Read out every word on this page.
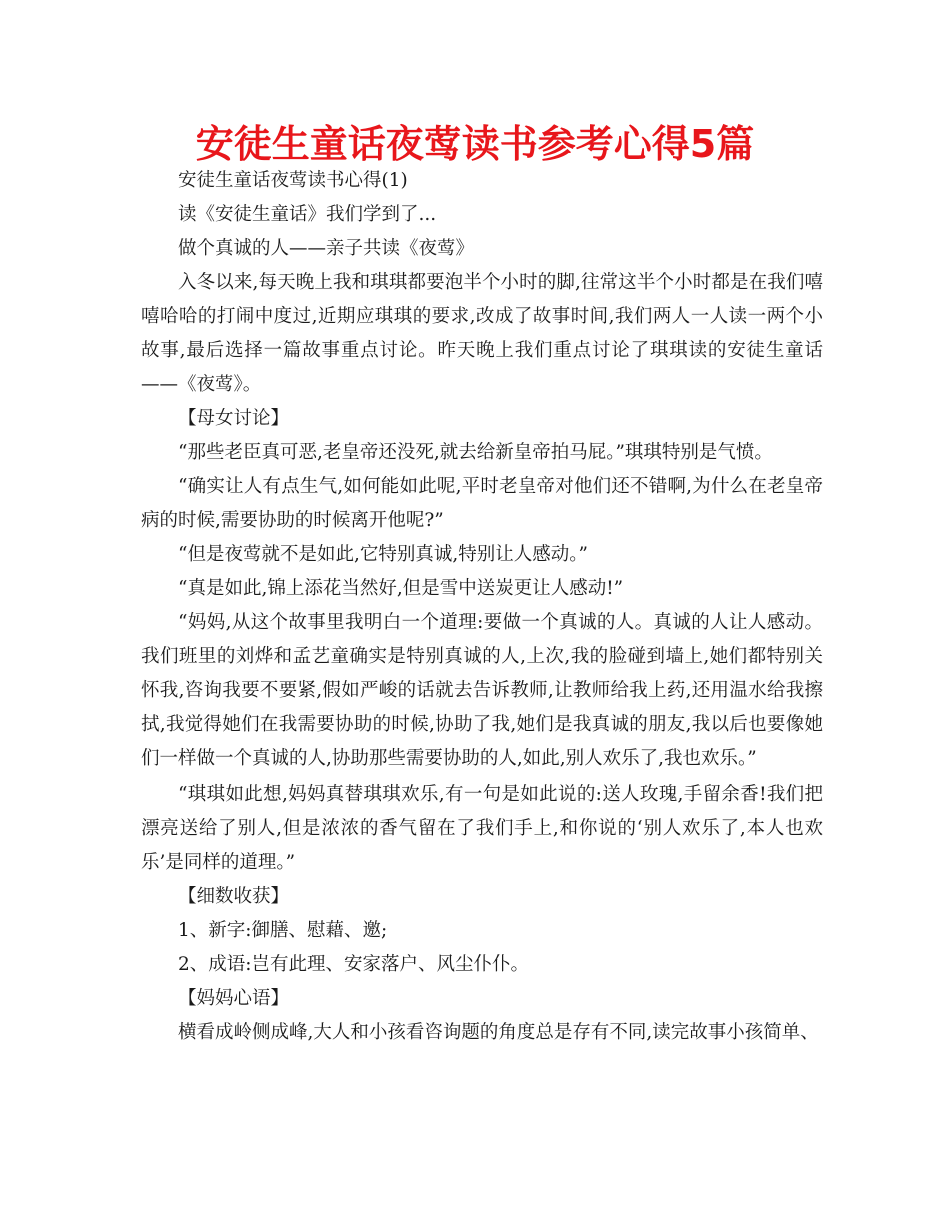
安徒生童话夜莺读书参考心得5篇

安徒生童话夜莺读书心得(1)

读《安徒生童话》我们学到了...

做个真诚的人——亲子共读《夜莺》

入冬以来,每天晚上我和琪琪都要泡半个小时的脚,往常这半个小时都是在我们嘻嘻哈哈的打闹中度过,近期应琪琪的要求,改成了故事时间,我们两人一人读一两个小故事,最后选择一篇故事重点讨论。昨天晚上我们重点讨论了琪琪读的安徒生童话——《夜莺》。

【母女讨论】

“那些老臣真可恶,老皇帝还没死,就去给新皇帝拍马屁。”琪琪特别是气愤。

“确实让人有点生气,如何能如此呢,平时老皇帝对他们还不错啊,为什么在老皇帝病的时候,需要协助的时候离开他呢?”

“但是夜莺就不是如此,它特别真诚,特别让人感动。”

“真是如此,锦上添花当然好,但是雪中送炭更让人感动!”

“妈妈,从这个故事里我明白一个道理:要做一个真诚的人。真诚的人让人感动。我们班里的刘烨和孟艺童确实是特别真诚的人,上次,我的脸碰到墙上,她们都特别关怀我,咨询我要不要紧,假如严峻的话就去告诉教师,让教师给我上药,还用温水给我擦拭,我觉得她们在我需要协助的时候,协助了我,她们是我真诚的朋友,我以后也要像她们一样做一个真诚的人,协助那些需要协助的人,如此,别人欢乐了,我也欢乐。”

“琪琪如此想,妈妈真替琪琪欢乐,有一句是如此说的:送人玫瑰,手留余香!我们把漂亮送给了别人,但是浓浓的香气留在了我们手上,和你说的‘别人欢乐了,本人也欢乐’是同样的道理。”

【细数收获】

1、新字:御膳、慰藉、邀;

2、成语:岂有此理、安家落户、风尘仆仆。

【妈妈心语】

横看成岭侧成峰,大人和小孩看咨询题的角度总是存有不同,读完故事小孩简单、
